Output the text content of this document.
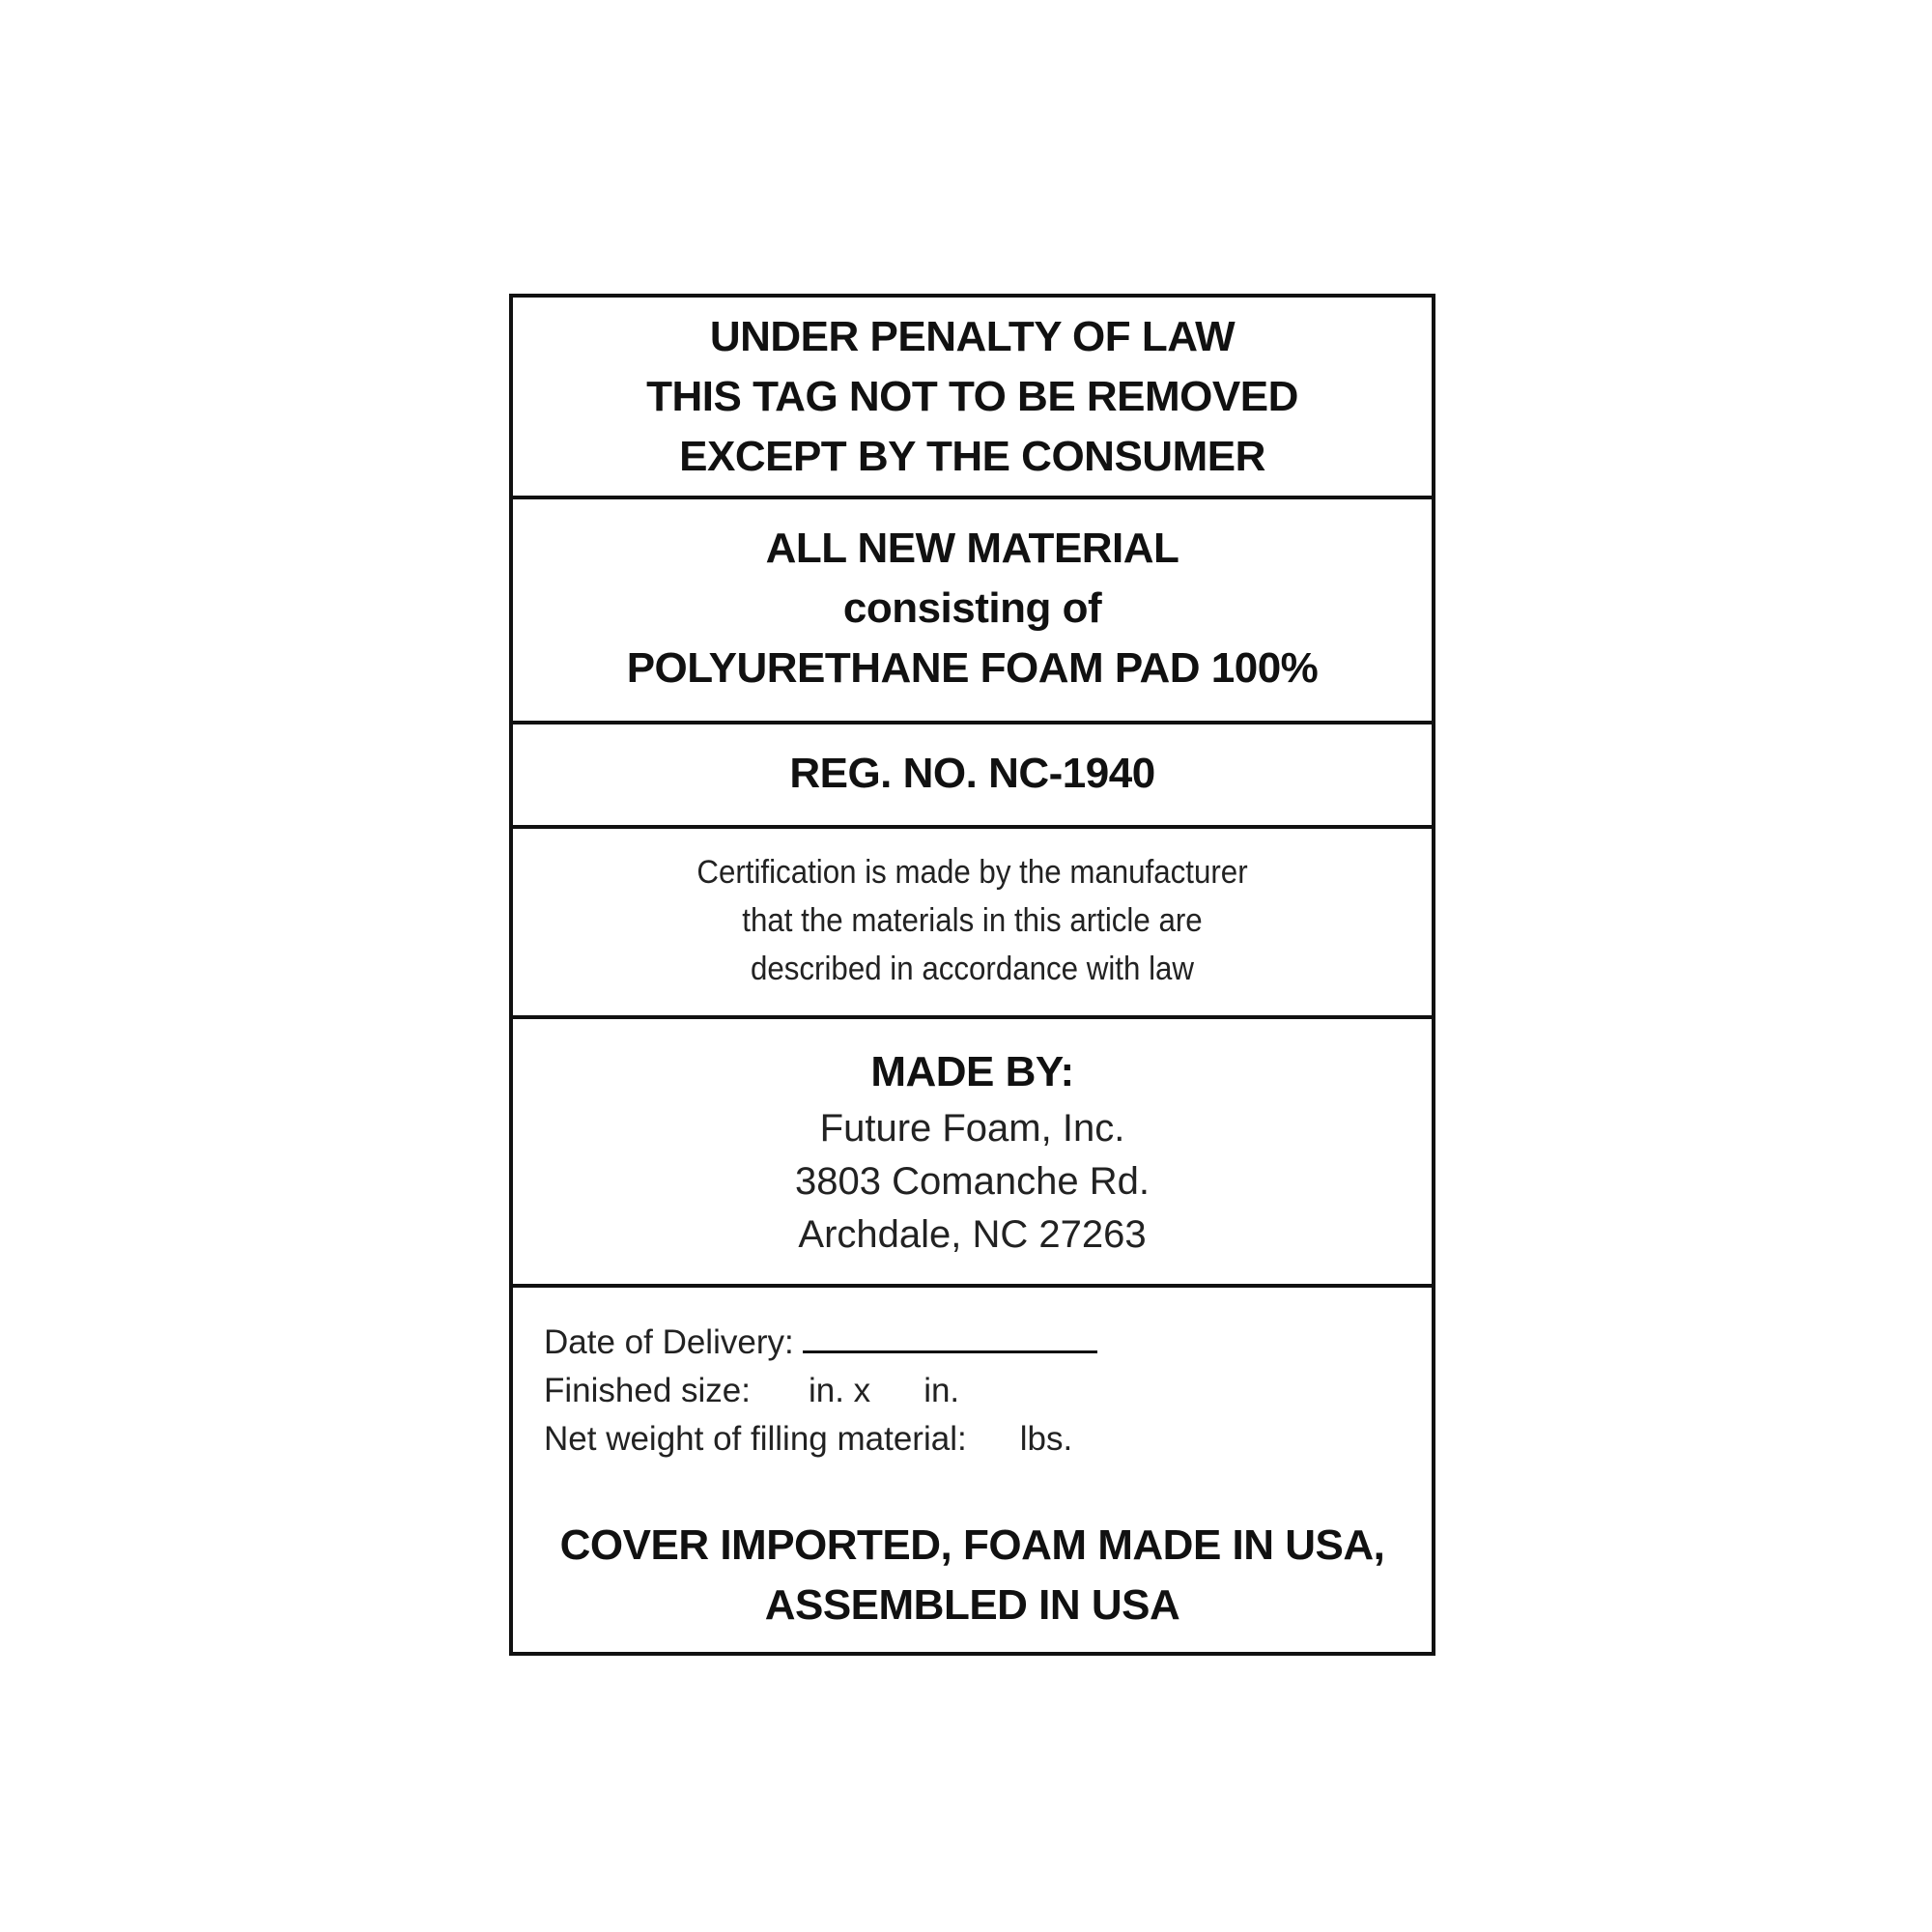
UNDER PENALTY OF LAW
THIS TAG NOT TO BE REMOVED
EXCEPT BY THE CONSUMER
ALL NEW MATERIAL
consisting of
POLYURETHANE FOAM PAD 100%
REG. NO. NC-1940
Certification is made by the manufacturer
that the materials in this article are
described in accordance with law
MADE BY:
Future Foam, Inc.
3803 Comanche Rd.
Archdale, NC 27263
Date of Delivery:
Finished size: in. x in.
Net weight of filling material: lbs.
COVER IMPORTED, FOAM MADE IN USA,
ASSEMBLED IN USA
